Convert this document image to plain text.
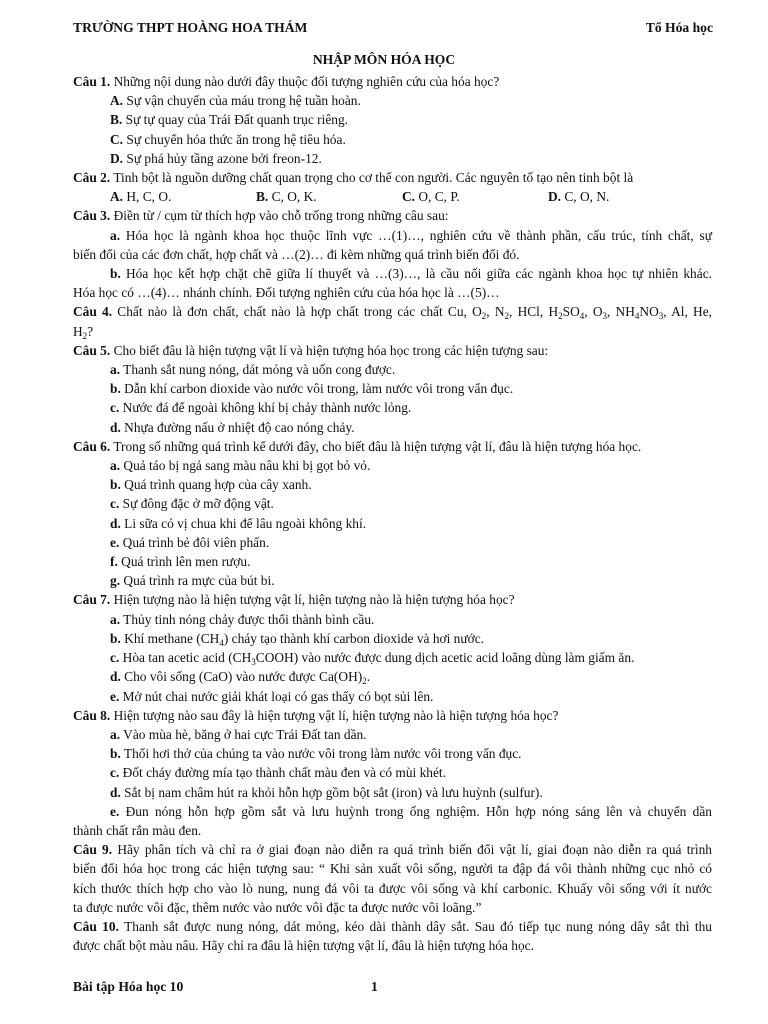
TRƯỜNG THPT HOÀNG HOA THÁM	Tổ Hóa học
NHẬP MÔN HÓA HỌC
Câu 1. Những nội dung nào dưới đây thuộc đối tượng nghiên cứu của hóa học?
A. Sự vận chuyển của máu trong hệ tuần hoàn.
B. Sự tự quay của Trái Đất quanh trục riêng.
C. Sự chuyển hóa thức ăn trong hệ tiêu hóa.
D. Sự phá hủy tầng azone bởi freon-12.
Câu 2. Tinh bột là nguồn dưỡng chất quan trọng cho cơ thể con người. Các nguyên tố tạo nên tinh bột là
A. H, C, O.	B. C, O, K.	C. O, C, P.	D. C, O, N.
Câu 3. Điền từ / cụm từ thích hợp vào chỗ trống trong những câu sau:
a. Hóa học là ngành khoa học thuộc lĩnh vực …(1)…, nghiên cứu về thành phần, cấu trúc, tính chất, sự
biến đổi của các đơn chất, hợp chất và …(2)… đi kèm những quá trình biến đổi đó.
b. Hóa học kết hợp chặt chẽ giữa lí thuyết và …(3)…, là cầu nối giữa các ngành khoa học tự nhiên khác.
Hóa học có …(4)… nhánh chính. Đối tượng nghiên cứu của hóa học là …(5)…
Câu 4. Chất nào là đơn chất, chất nào là hợp chất trong các chất Cu, $O_2$, $N_2$, HCl, $H_2SO_4$, $O_3$, $NH_4NO_3$, Al, He,
$H_2$?
Câu 5. Cho biết đâu là hiện tượng vật lí và hiện tượng hóa học trong các hiện tượng sau:
a. Thanh sắt nung nóng, dát mỏng và uốn cong được.
b. Dẫn khí carbon dioxide vào nước vôi trong, làm nước vôi trong vẩn đục.
c. Nước đá để ngoài không khí bị chảy thành nước lỏng.
d. Nhựa đường nấu ở nhiệt độ cao nóng chảy.
Câu 6. Trong số những quá trình kể dưới đây, cho biết đâu là hiện tượng vật lí, đâu là hiện tượng hóa học.
a. Quả táo bị ngả sang màu nâu khi bị gọt bỏ vỏ.
b. Quá trình quang hợp của cây xanh.
c. Sự đông đặc ở mỡ động vật.
d. Li sữa có vị chua khi để lâu ngoài không khí.
e. Quá trình bẻ đôi viên phấn.
f. Quá trình lên men rượu.
g. Quá trình ra mực của bút bi.
Câu 7. Hiện tượng nào là hiện tượng vật lí, hiện tượng nào là hiện tượng hóa học?
a. Thủy tinh nóng chảy được thổi thành bình cầu.
b. Khí methane $(CH_4)$ cháy tạo thành khí carbon dioxide và hơi nước.
c. Hòa tan acetic acid $(CH_3COOH)$ vào nước được dung dịch acetic acid loãng dùng làm giấm ăn.
d. Cho vôi sống (CaO) vào nước được $Ca(OH)_2$.
e. Mở nút chai nước giải khát loại có gas thấy có bọt sủi lên.
Câu 8. Hiện tượng nào sau đây là hiện tượng vật lí, hiện tượng nào là hiện tượng hóa học?
a. Vào mùa hè, băng ở hai cực Trái Đất tan dần.
b. Thổi hơi thở của chúng ta vào nước vôi trong làm nước vôi trong vẩn đục.
c. Đốt cháy đường mía tạo thành chất màu đen và có mùi khét.
d. Sắt bị nam châm hút ra khỏi hỗn hợp gồm bột sắt (iron) và lưu huỳnh (sulfur).
e. Đun nóng hỗn hợp gồm sắt và lưu huỳnh trong ống nghiệm. Hỗn hợp nóng sáng lên và chuyển dần
thành chất rắn màu đen.
Câu 9. Hãy phân tích và chỉ ra ở giai đoạn nào diễn ra quá trình biến đổi vật lí, giai đoạn nào diễn ra quá trình
biến đổi hóa học trong các hiện tượng sau: “ Khi sản xuất vôi sống, người ta đập đá vôi thành những cục nhỏ có
kích thước thích hợp cho vào lò nung, nung đá vôi ta được vôi sống và khí carbonic. Khuấy vôi sống với ít nước
ta được nước vôi đặc, thêm nước vào nước vôi đặc ta được nước vôi loãng.”
Câu 10. Thanh sắt được nung nóng, dát mỏng, kéo dài thành dây sắt. Sau đó tiếp tục nung nóng dây sắt thì thu
được chất bột màu nâu. Hãy chỉ ra đâu là hiện tượng vật lí, đâu là hiện tượng hóa học.
Bài tập Hóa học 10	1
